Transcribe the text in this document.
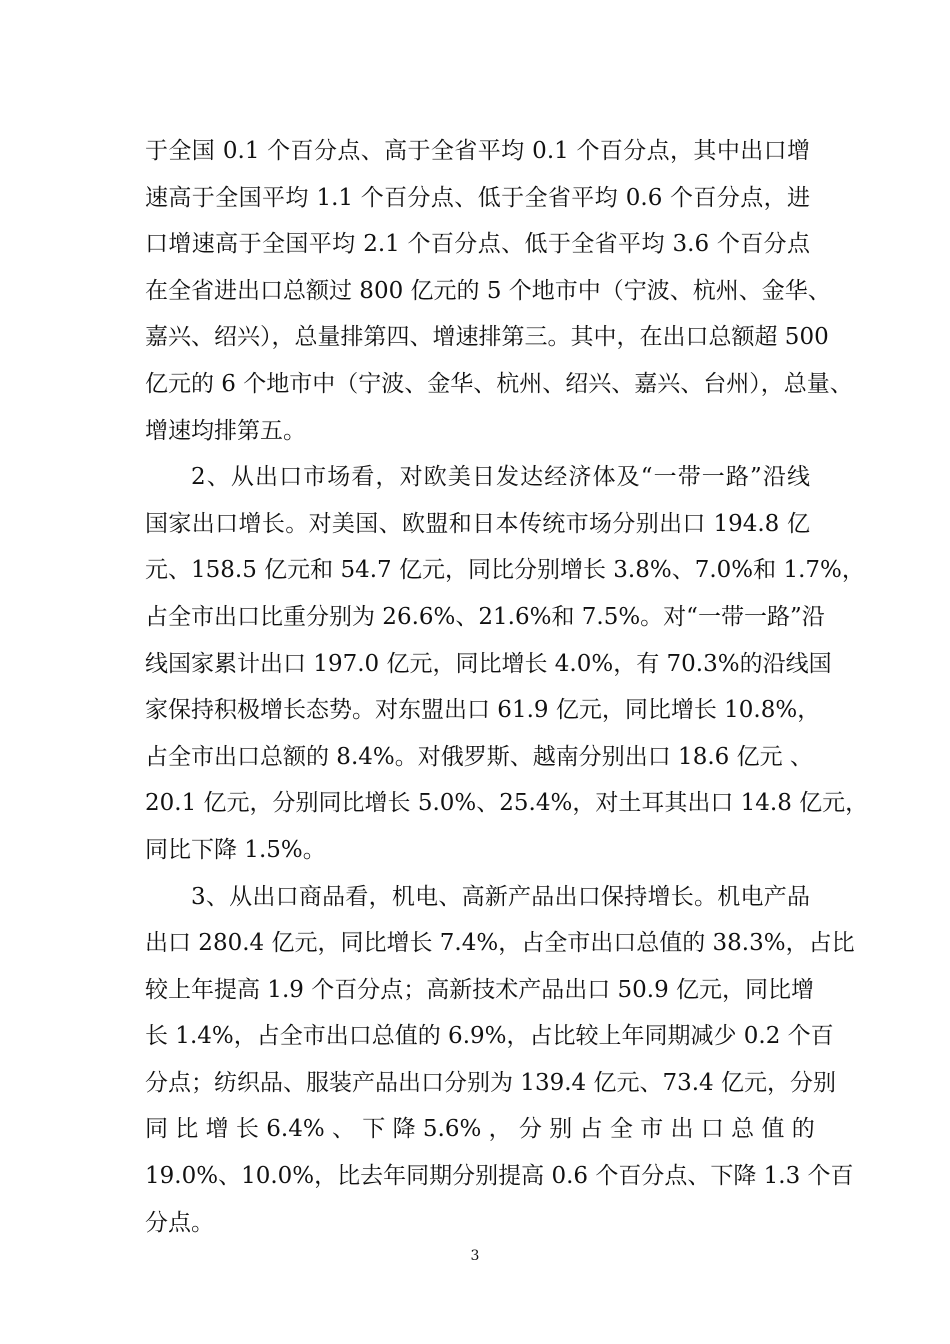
于全国 0.1 个百分点、高于全省平均 0.1 个百分点，其中出口增
速高于全国平均 1.1 个百分点、低于全省平均 0.6 个百分点，进
口增速高于全国平均 2.1 个百分点、低于全省平均 3.6 个百分点
在全省进出口总额过 800 亿元的 5 个地市中（宁波、杭州、金华、
嘉兴、绍兴），总量排第四、增速排第三。其中，在出口总额超 500
亿元的 6 个地市中（宁波、金华、杭州、绍兴、嘉兴、台州），总量、
增速均排第五。
2、从出口市场看，对欧美日发达经济体及“一带一路”沿线
国家出口增长。对美国、欧盟和日本传统市场分别出口 194.8 亿
元、158.5 亿元和 54.7 亿元，同比分别增长 3.8%、7.0%和 1.7%，
占全市出口比重分别为 26.6%、21.6%和 7.5%。对“一带一路”沿
线国家累计出口 197.0 亿元，同比增长 4.0%，有 70.3%的沿线国
家保持积极增长态势。对东盟出口 61.9 亿元，同比增长 10.8%，
占全市出口总额的 8.4%。对俄罗斯、越南分别出口 18.6 亿元 、
20.1 亿元，分别同比增长 5.0%、25.4%，对土耳其出口 14.8 亿元，
同比下降 1.5%。
3、从出口商品看，机电、高新产品出口保持增长。机电产品
出口 280.4 亿元，同比增长 7.4%，占全市出口总值的 38.3%，占比
较上年提高 1.9 个百分点；高新技术产品出口 50.9 亿元，同比增
长 1.4%，占全市出口总值的 6.9%，占比较上年同期减少 0.2 个百
分点；纺织品、服装产品出口分别为 139.4 亿元、73.4 亿元，分别
同 比 增 长 6.4% 、 下 降 5.6% ， 分 别 占 全 市 出 口 总 值 的
19.0%、10.0%，比去年同期分别提高 0.6 个百分点、下降 1.3 个百
分点。
3
